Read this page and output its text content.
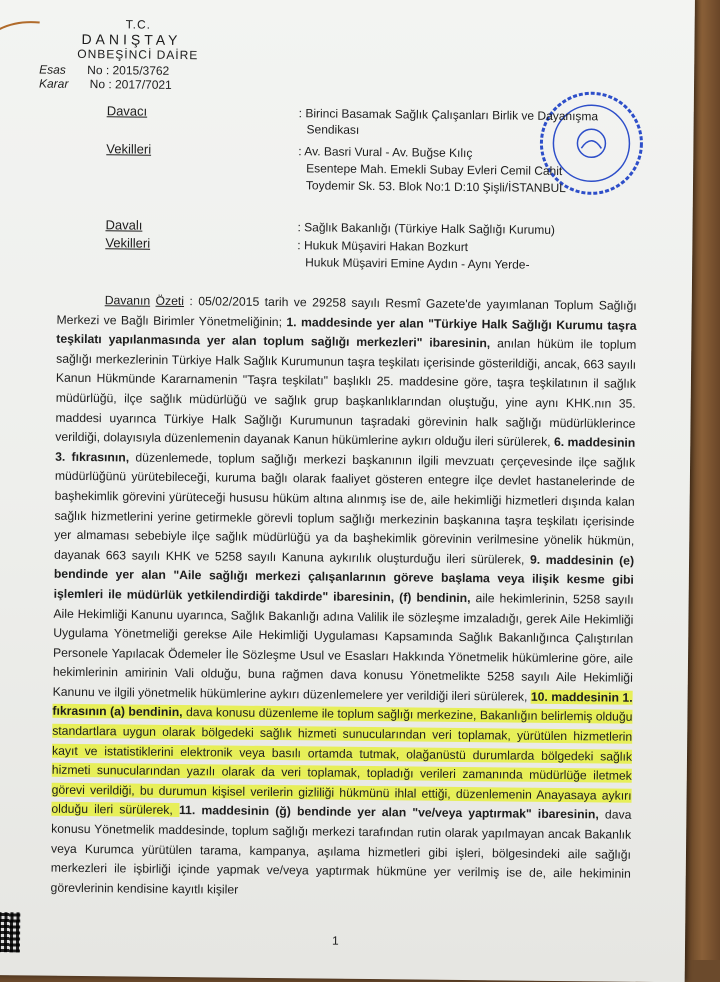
T.C.
DANIŞTAY
ONBEŞİNCİ DAİRE
Esas No : 2015/3762
Karar No : 2017/7021
Davacı	: Birinci Basamak Sağlık Çalışanları Birlik ve Dayanışma
Sendikası
Vekilleri	: Av. Basri Vural - Av. Buğse Kılıç
Esentepe Mah. Emekli Subay Evleri Cemil Cahit
Toydemir Sk. 53. Blok No:1 D:10 Şişli/İSTANBUL
Davalı	: Sağlık Bakanlığı (Türkiye Halk Sağlığı Kurumu)
Vekilleri	: Hukuk Müşaviri Hakan Bozkurt
Hukuk Müşaviri Emine Aydın - Aynı Yerde-
Davanın Özeti : 05/02/2015 tarih ve 29258 sayılı Resmî Gazete'de yayımlanan Toplum Sağlığı Merkezi ve Bağlı Birimler Yönetmeliğinin; 1. maddesinde yer alan "Türkiye Halk Sağlığı Kurumu taşra teşkilatı yapılanmasında yer alan toplum sağlığı merkezleri" ibaresinin, anılan hüküm ile toplum sağlığı merkezlerinin Türkiye Halk Sağlık Kurumunun taşra teşkilatı içerisinde gösterildiği, ancak, 663 sayılı Kanun Hükmünde Kararnamenin "Taşra teşkilatı" başlıklı 25. maddesine göre, taşra teşkilatının il sağlık müdürlüğü, ilçe sağlık müdürlüğü ve sağlık grup başkanlıklarından oluştuğu, yine aynı KHK.nın 35. maddesi uyarınca Türkiye Halk Sağlığı Kurumunun taşradaki görevinin halk sağlığı müdürlüklerince verildiği, dolayısıyla düzenlemenin dayanak Kanun hükümlerine aykırı olduğu ileri sürülerek, 6. maddesinin 3. fıkrasının, düzenlemede, toplum sağlığı merkezi başkanının ilgili mevzuatı çerçevesinde ilçe sağlık müdürlüğünü yürütebileceği, kuruma bağlı olarak faaliyet gösteren entegre ilçe devlet hastanelerinde de başhekimlik görevini yürüteceği hususu hüküm altına alınmış ise de, aile hekimliği hizmetleri dışında kalan sağlık hizmetlerini yerine getirmekle görevli toplum sağlığı merkezinin başkanına taşra teşkilatı içerisinde yer almaması sebebiyle ilçe sağlık müdürlüğü ya da başhekimlik görevinin verilmesine yönelik hükmün, dayanak 663 sayılı KHK ve 5258 sayılı Kanuna aykırılık oluşturduğu ileri sürülerek, 9. maddesinin (e) bendinde yer alan "Aile sağlığı merkezi çalışanlarının göreve başlama veya ilişik kesme gibi işlemleri ile müdürlük yetkilendirdiği takdirde" ibaresinin, (f) bendinin, aile hekimlerinin, 5258 sayılı Aile Hekimliği Kanunu uyarınca, Sağlık Bakanlığı adına Valilik ile sözleşme imzaladığı, gerek Aile Hekimliği Uygulama Yönetmeliği gerekse Aile Hekimliği Uygulaması Kapsamında Sağlık Bakanlığınca Çalıştırılan Personele Yapılacak Ödemeler İle Sözleşme Usul ve Esasları Hakkında Yönetmelik hükümlerine göre, aile hekimlerinin amirinin Vali olduğu, buna rağmen dava konusu Yönetmelikte 5258 sayılı Aile Hekimliği Kanunu ve ilgili yönetmelik hükümlerine aykırı düzenlemelere yer verildiği ileri sürülerek, 10. maddesinin 1. fıkrasının (a) bendinin, dava konusu düzenleme ile toplum sağlığı merkezine, Bakanlığın belirlemiş olduğu standartlara uygun olarak bölgedeki sağlık hizmeti sunucularından veri toplamak, yürütülen hizmetlerin kayıt ve istatistiklerini elektronik veya basılı ortamda tutmak, olağanüstü durumlarda bölgedeki sağlık hizmeti sunucularından yazılı olarak da veri toplamak, topladığı verileri zamanında müdürlüğe iletmek görevi verildiği, bu durumun kişisel verilerin gizliliği hükmünü ihlal ettiği, düzenlemenin Anayasaya aykırı olduğu ileri sürülerek, 11. maddesinin (ğ) bendinde yer alan "ve/veya yaptırmak" ibaresinin, dava konusu Yönetmelik maddesinde, toplum sağlığı merkezi tarafından rutin olarak yapılmayan ancak Bakanlık veya Kurumca yürütülen tarama, kampanya, aşılama hizmetleri gibi işleri, bölgesindeki aile sağlığı merkezleri ile işbirliği içinde yapmak ve/veya yaptırmak hükmüne yer verilmiş ise de, aile hekiminin görevlerinin kendisine kayıtlı kişiler
1
